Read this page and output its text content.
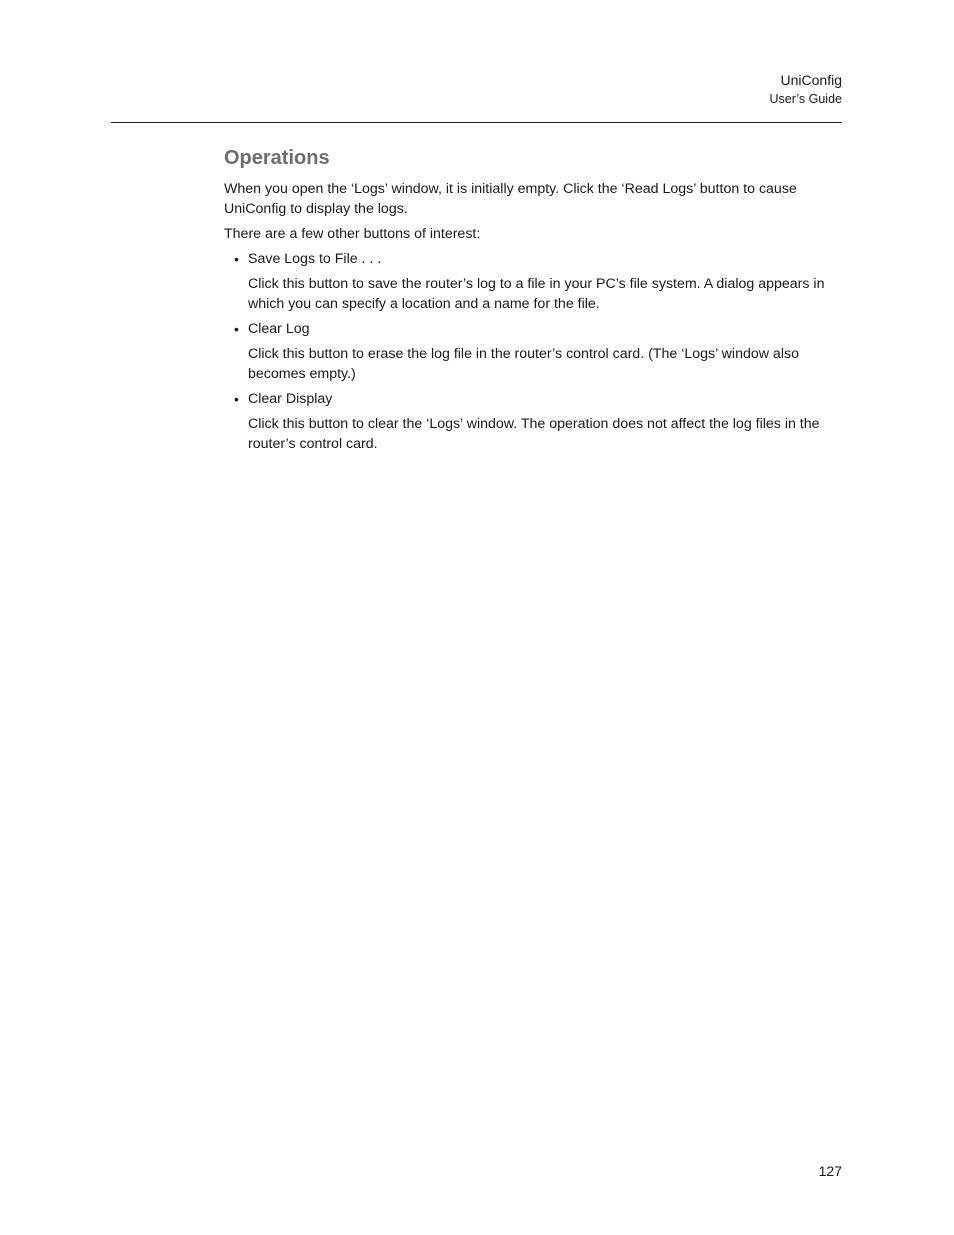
UniConfig
User’s Guide
Operations

When you open the ‘Logs’ window, it is initially empty. Click the ‘Read Logs’ button to cause UniConfig to display the logs.

There are a few other buttons of interest:

• Save Logs to File . . .
Click this button to save the router’s log to a file in your PC’s file system. A dialog appears in which you can specify a location and a name for the file.
• Clear Log
Click this button to erase the log file in the router’s control card. (The ‘Logs’ window also becomes empty.)
• Clear Display
Click this button to clear the ‘Logs’ window. The operation does not affect the log files in the router’s control card.
127
